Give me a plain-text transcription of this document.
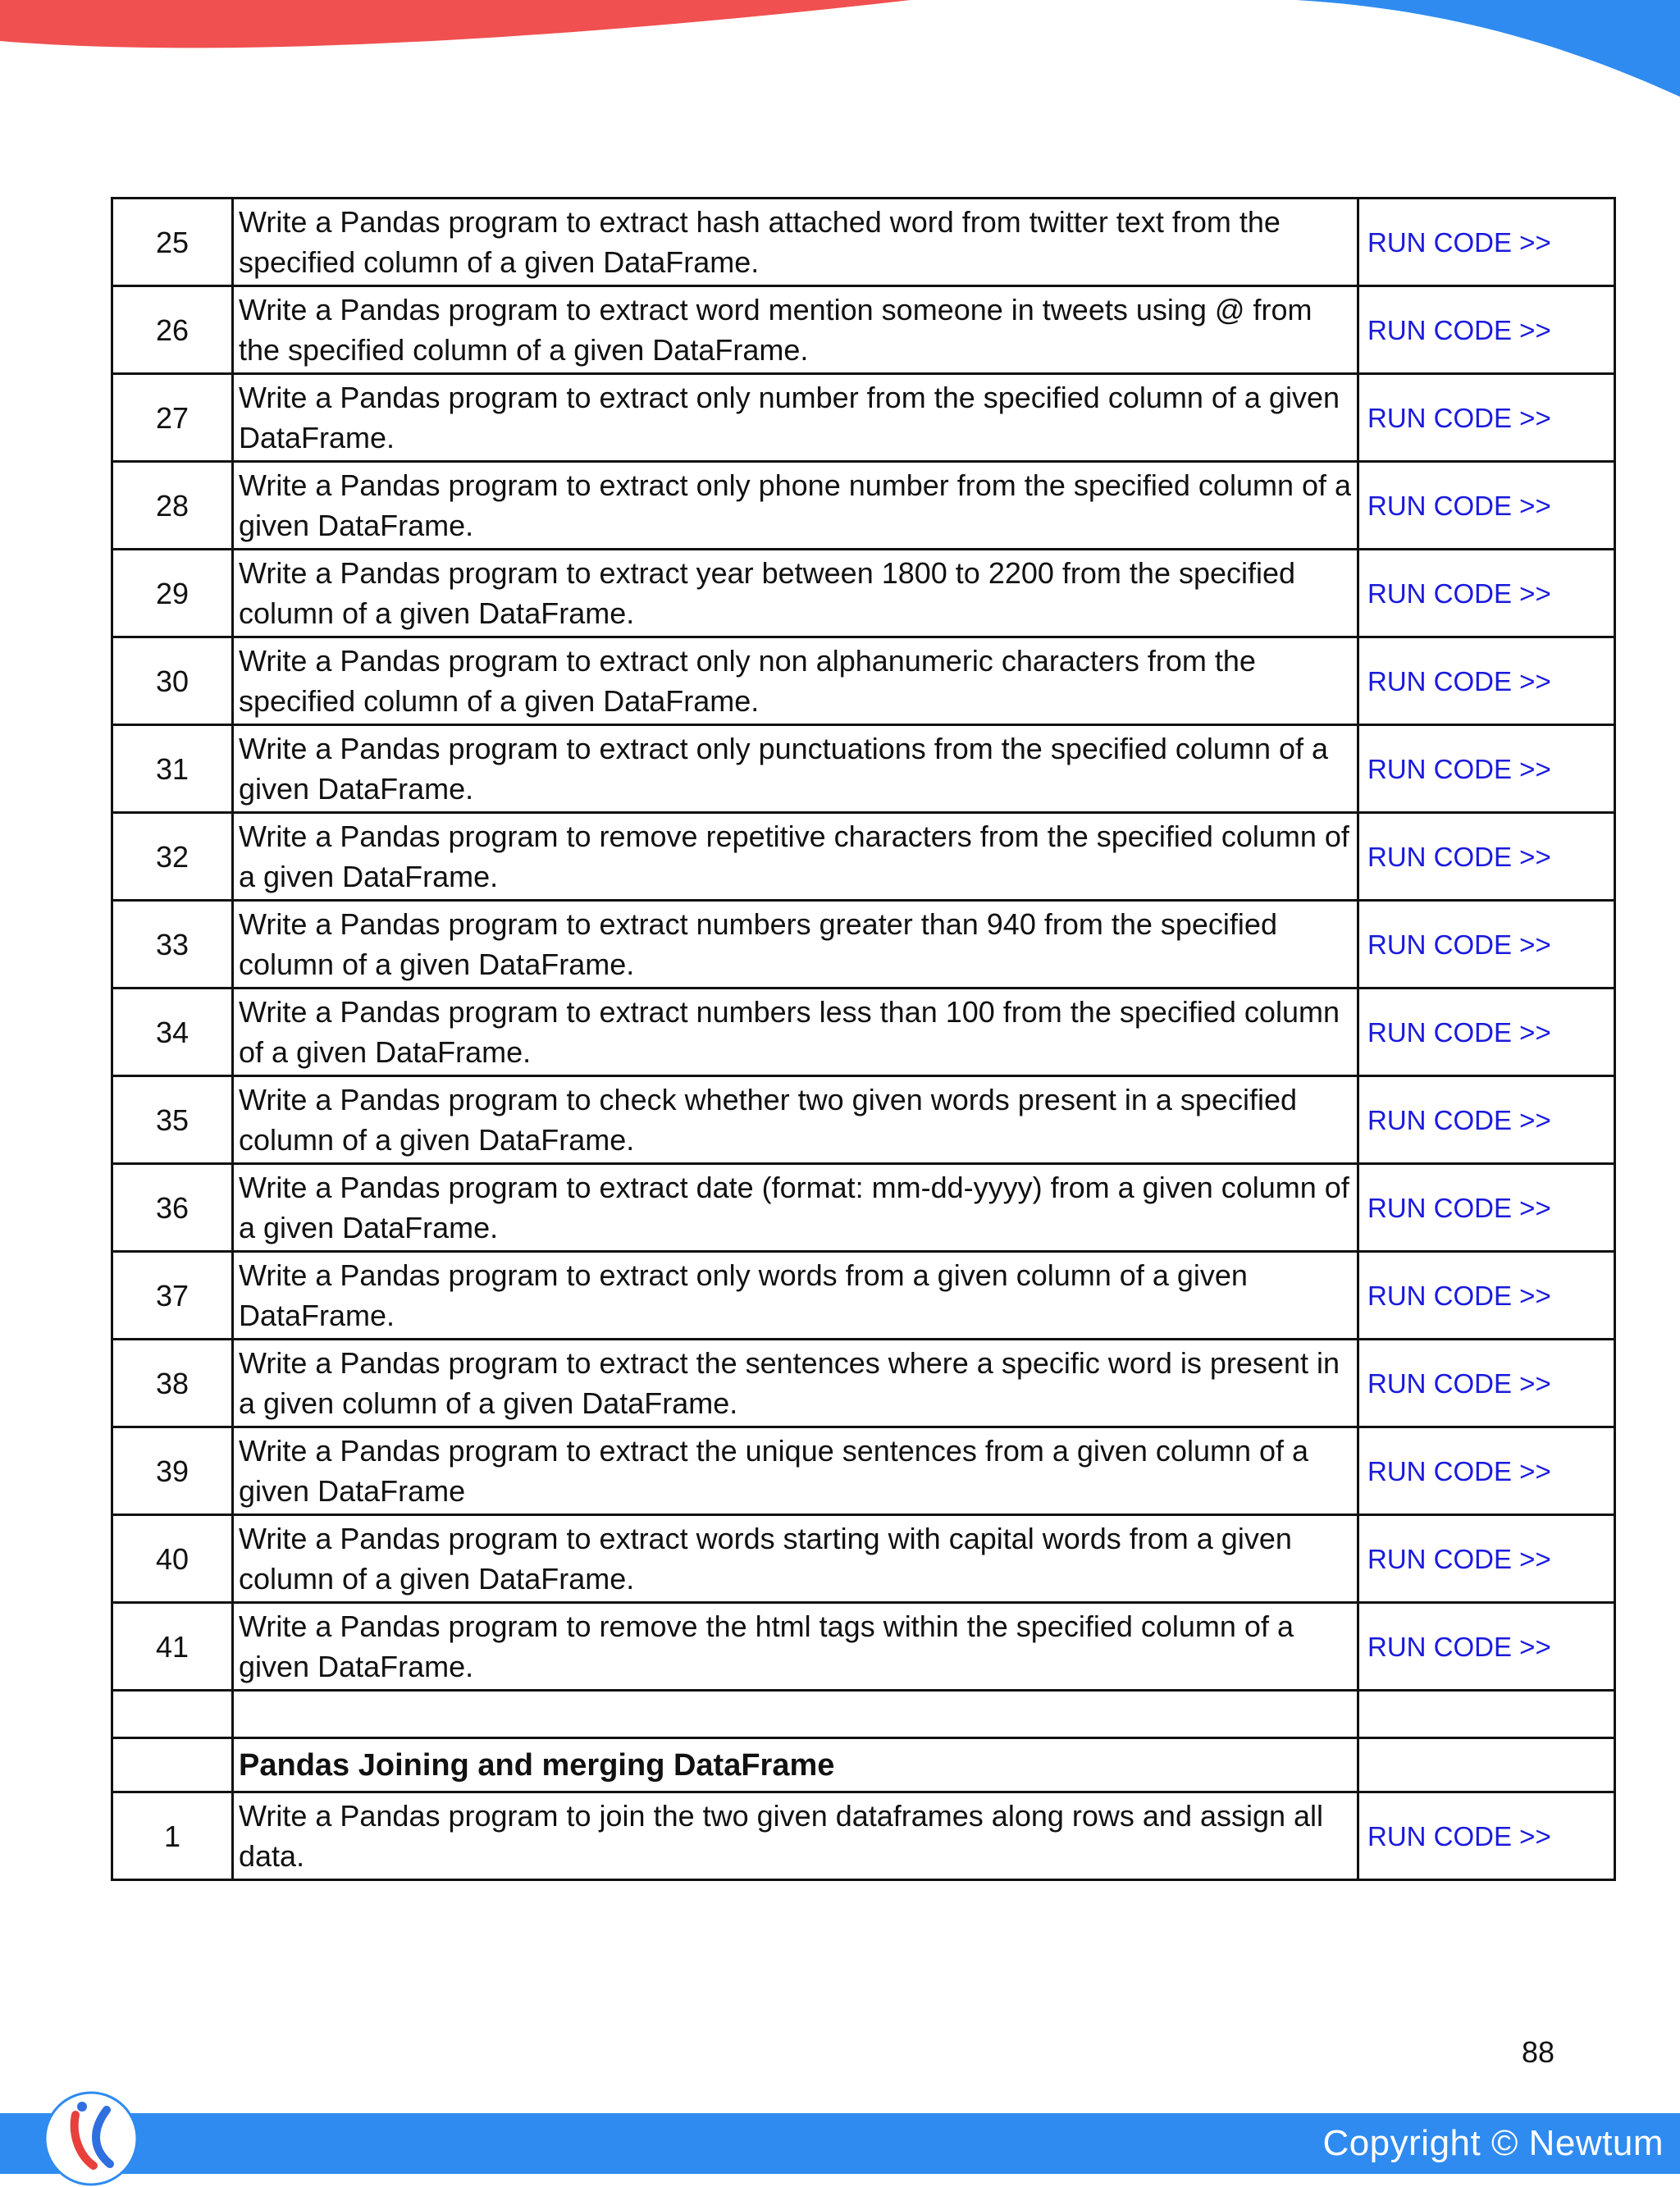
25	Write a Pandas program to extract hash attached word from twitter text from the specified column of a given DataFrame.	RUN CODE >>
26	Write a Pandas program to extract word mention someone in tweets using @ from the specified column of a given DataFrame.	RUN CODE >>
27	Write a Pandas program to extract only number from the specified column of a given DataFrame.	RUN CODE >>
28	Write a Pandas program to extract only phone number from the specified column of a given DataFrame.	RUN CODE >>
29	Write a Pandas program to extract year between 1800 to 2200 from the specified column of a given DataFrame.	RUN CODE >>
30	Write a Pandas program to extract only non alphanumeric characters from the specified column of a given DataFrame.	RUN CODE >>
31	Write a Pandas program to extract only punctuations from the specified column of a given DataFrame.	RUN CODE >>
32	Write a Pandas program to remove repetitive characters from the specified column of a given DataFrame.	RUN CODE >>
33	Write a Pandas program to extract numbers greater than 940 from the specified column of a given DataFrame.	RUN CODE >>
34	Write a Pandas program to extract numbers less than 100 from the specified column of a given DataFrame.	RUN CODE >>
35	Write a Pandas program to check whether two given words present in a specified column of a given DataFrame.	RUN CODE >>
36	Write a Pandas program to extract date (format: mm-dd-yyyy) from a given column of a given DataFrame.	RUN CODE >>
37	Write a Pandas program to extract only words from a given column of a given DataFrame.	RUN CODE >>
38	Write a Pandas program to extract the sentences where a specific word is present in a given column of a given DataFrame.	RUN CODE >>
39	Write a Pandas program to extract the unique sentences from a given column of a given DataFrame	RUN CODE >>
40	Write a Pandas program to extract words starting with capital words from a given column of a given DataFrame.	RUN CODE >>
41	Write a Pandas program to remove the html tags within the specified column of a given DataFrame.	RUN CODE >>

	Pandas Joining and merging DataFrame	
1	Write a Pandas program to join the two given dataframes along rows and assign all data.	RUN CODE >>
88
Copyright © Newtum
